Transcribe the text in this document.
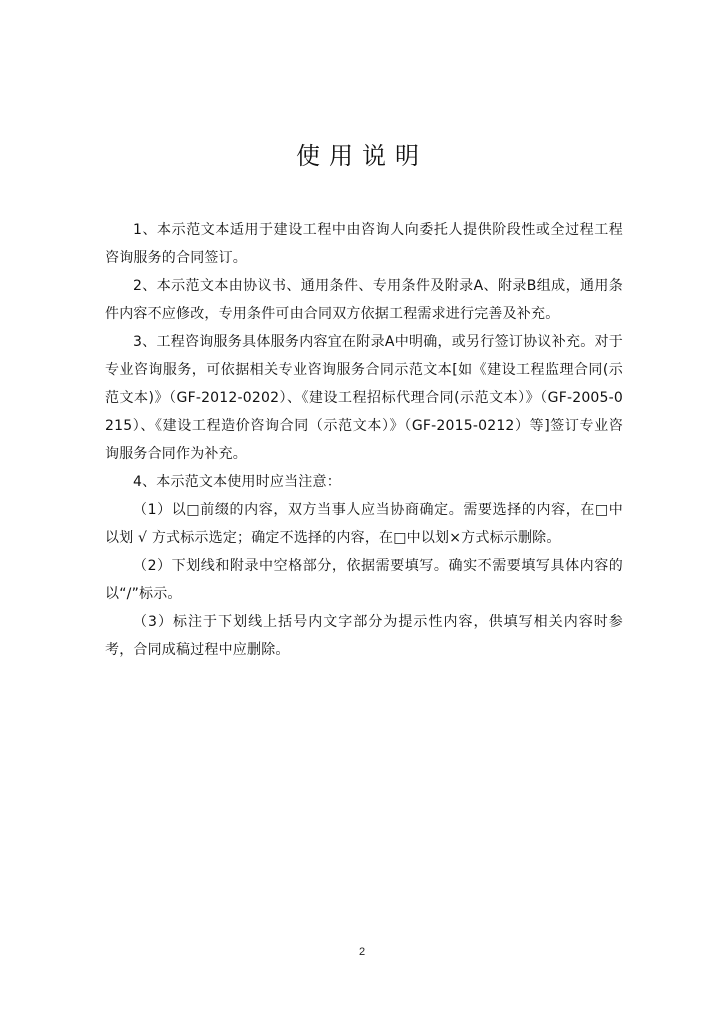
使用说明

1、本示范文本适用于建设工程中由咨询人向委托人提供阶段性或全过程工程咨询服务的合同签订。

2、本示范文本由协议书、通用条件、专用条件及附录A、附录B组成，通用条件内容不应修改，专用条件可由合同双方依据工程需求进行完善及补充。

3、工程咨询服务具体服务内容宜在附录A中明确，或另行签订协议补充。对于专业咨询服务，可依据相关专业咨询服务合同示范文本[如《建设工程监理合同(示范文本)》（GF-2012-0202）、《建设工程招标代理合同(示范文本）》（GF-2005-0215）、《建设工程造价咨询合同（示范文本）》（GF-2015-0212）等]签订专业咨询服务合同作为补充。

4、本示范文本使用时应当注意：

（1）以□前缀的内容，双方当事人应当协商确定。需要选择的内容，在□中以划 √ 方式标示选定；确定不选择的内容，在□中以划×方式标示删除。

（2）下划线和附录中空格部分，依据需要填写。确实不需要填写具体内容的以“/”标示。

（3）标注于下划线上括号内文字部分为提示性内容，供填写相关内容时参考，合同成稿过程中应删除。

2
